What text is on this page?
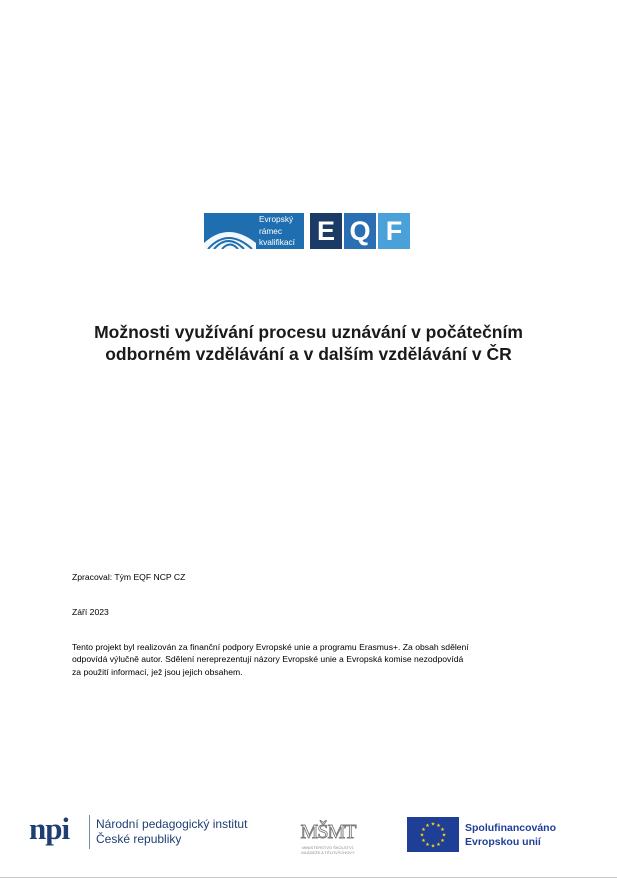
Evropský
rámec
kvalifikací E Q F
Možnosti využívání procesu uznávání v počátečním
odborném vzdělávání a v dalším vzdělávání v ČR
Zpracoval: Tým EQF NCP CZ
Září 2023
Tento projekt byl realizován za finanční podpory Evropské unie a programu Erasmus+. Za obsah sdělení
odpovídá výlučně autor. Sdělení nereprezentují názory Evropské unie a Evropská komise nezodpovídá
za použití informací, jež jsou jejich obsahem.
npi Národní pedagogický institut
České republiky	MŠMT
MINISTERSTVO ŠKOLSTVÍ,
MLÁDEŽE A TĚLOVÝCHOVY
★ ★
★
★
★
★
★
★
★
★
★
★	Spolufinancováno
Evropskou unií
